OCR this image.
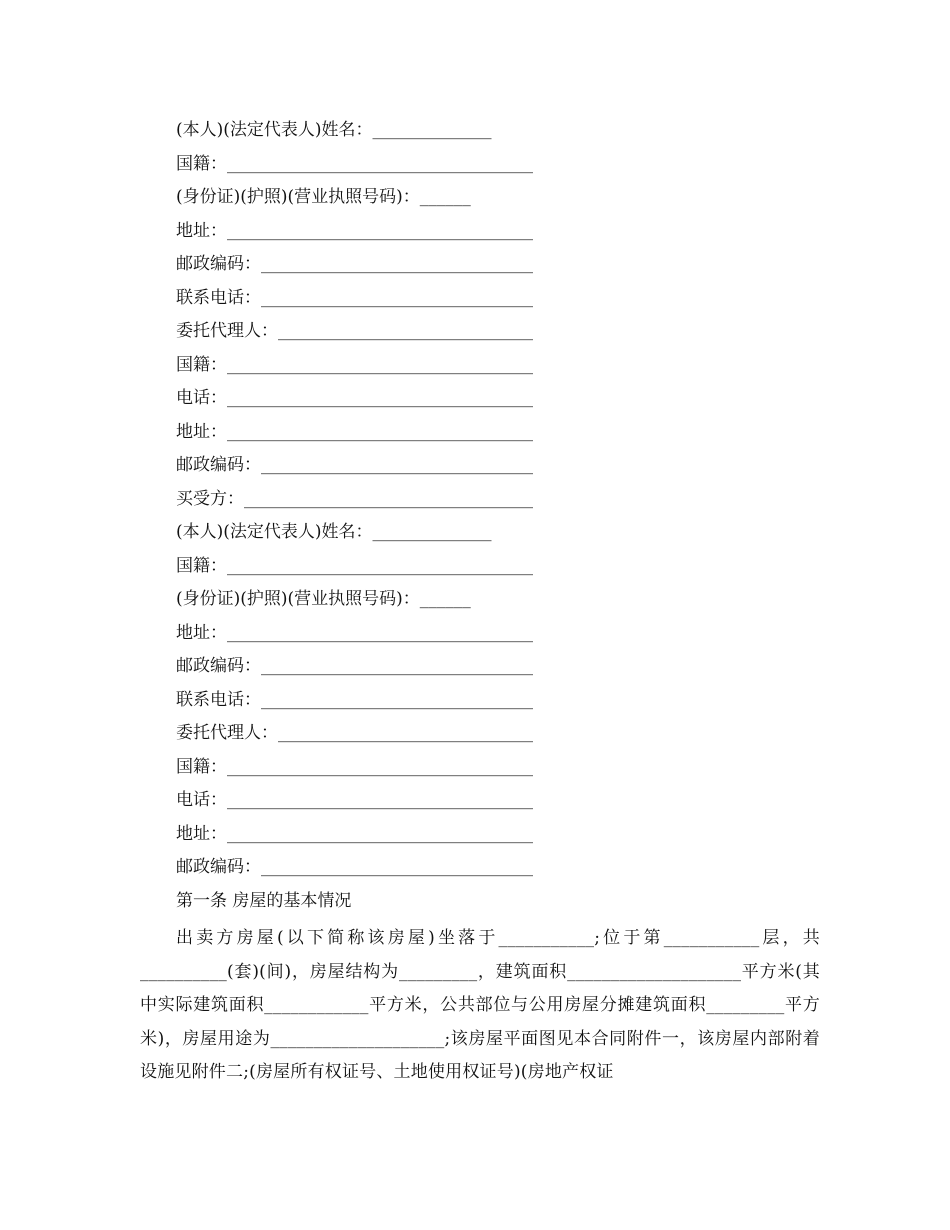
(本人)(法定代表人)姓名：______________
国籍：____________________________________
(身份证)(护照)(营业执照号码)：______
地址：____________________________________
邮政编码：________________________________
联系电话：________________________________
委托代理人：______________________________
国籍：____________________________________
电话：____________________________________
地址：____________________________________
邮政编码：________________________________
买受方：__________________________________
(本人)(法定代表人)姓名：______________
国籍：____________________________________
(身份证)(护照)(营业执照号码)：______
地址：____________________________________
邮政编码：________________________________
联系电话：________________________________
委托代理人：______________________________
国籍：____________________________________
电话：____________________________________
地址：____________________________________
邮政编码：________________________________
第一条 房屋的基本情况
出卖方房屋(以下简称该房屋)坐落于___________;位于第___________层，共__________(套)(间)，房屋结构为_________，建筑面积____________________平方米(其中实际建筑面积____________平方米，公共部位与公用房屋分摊建筑面积_________平方米)，房屋用途为____________________;该房屋平面图见本合同附件一，该房屋内部附着设施见附件二;(房屋所有权证号、土地使用权证号)(房地产权证
